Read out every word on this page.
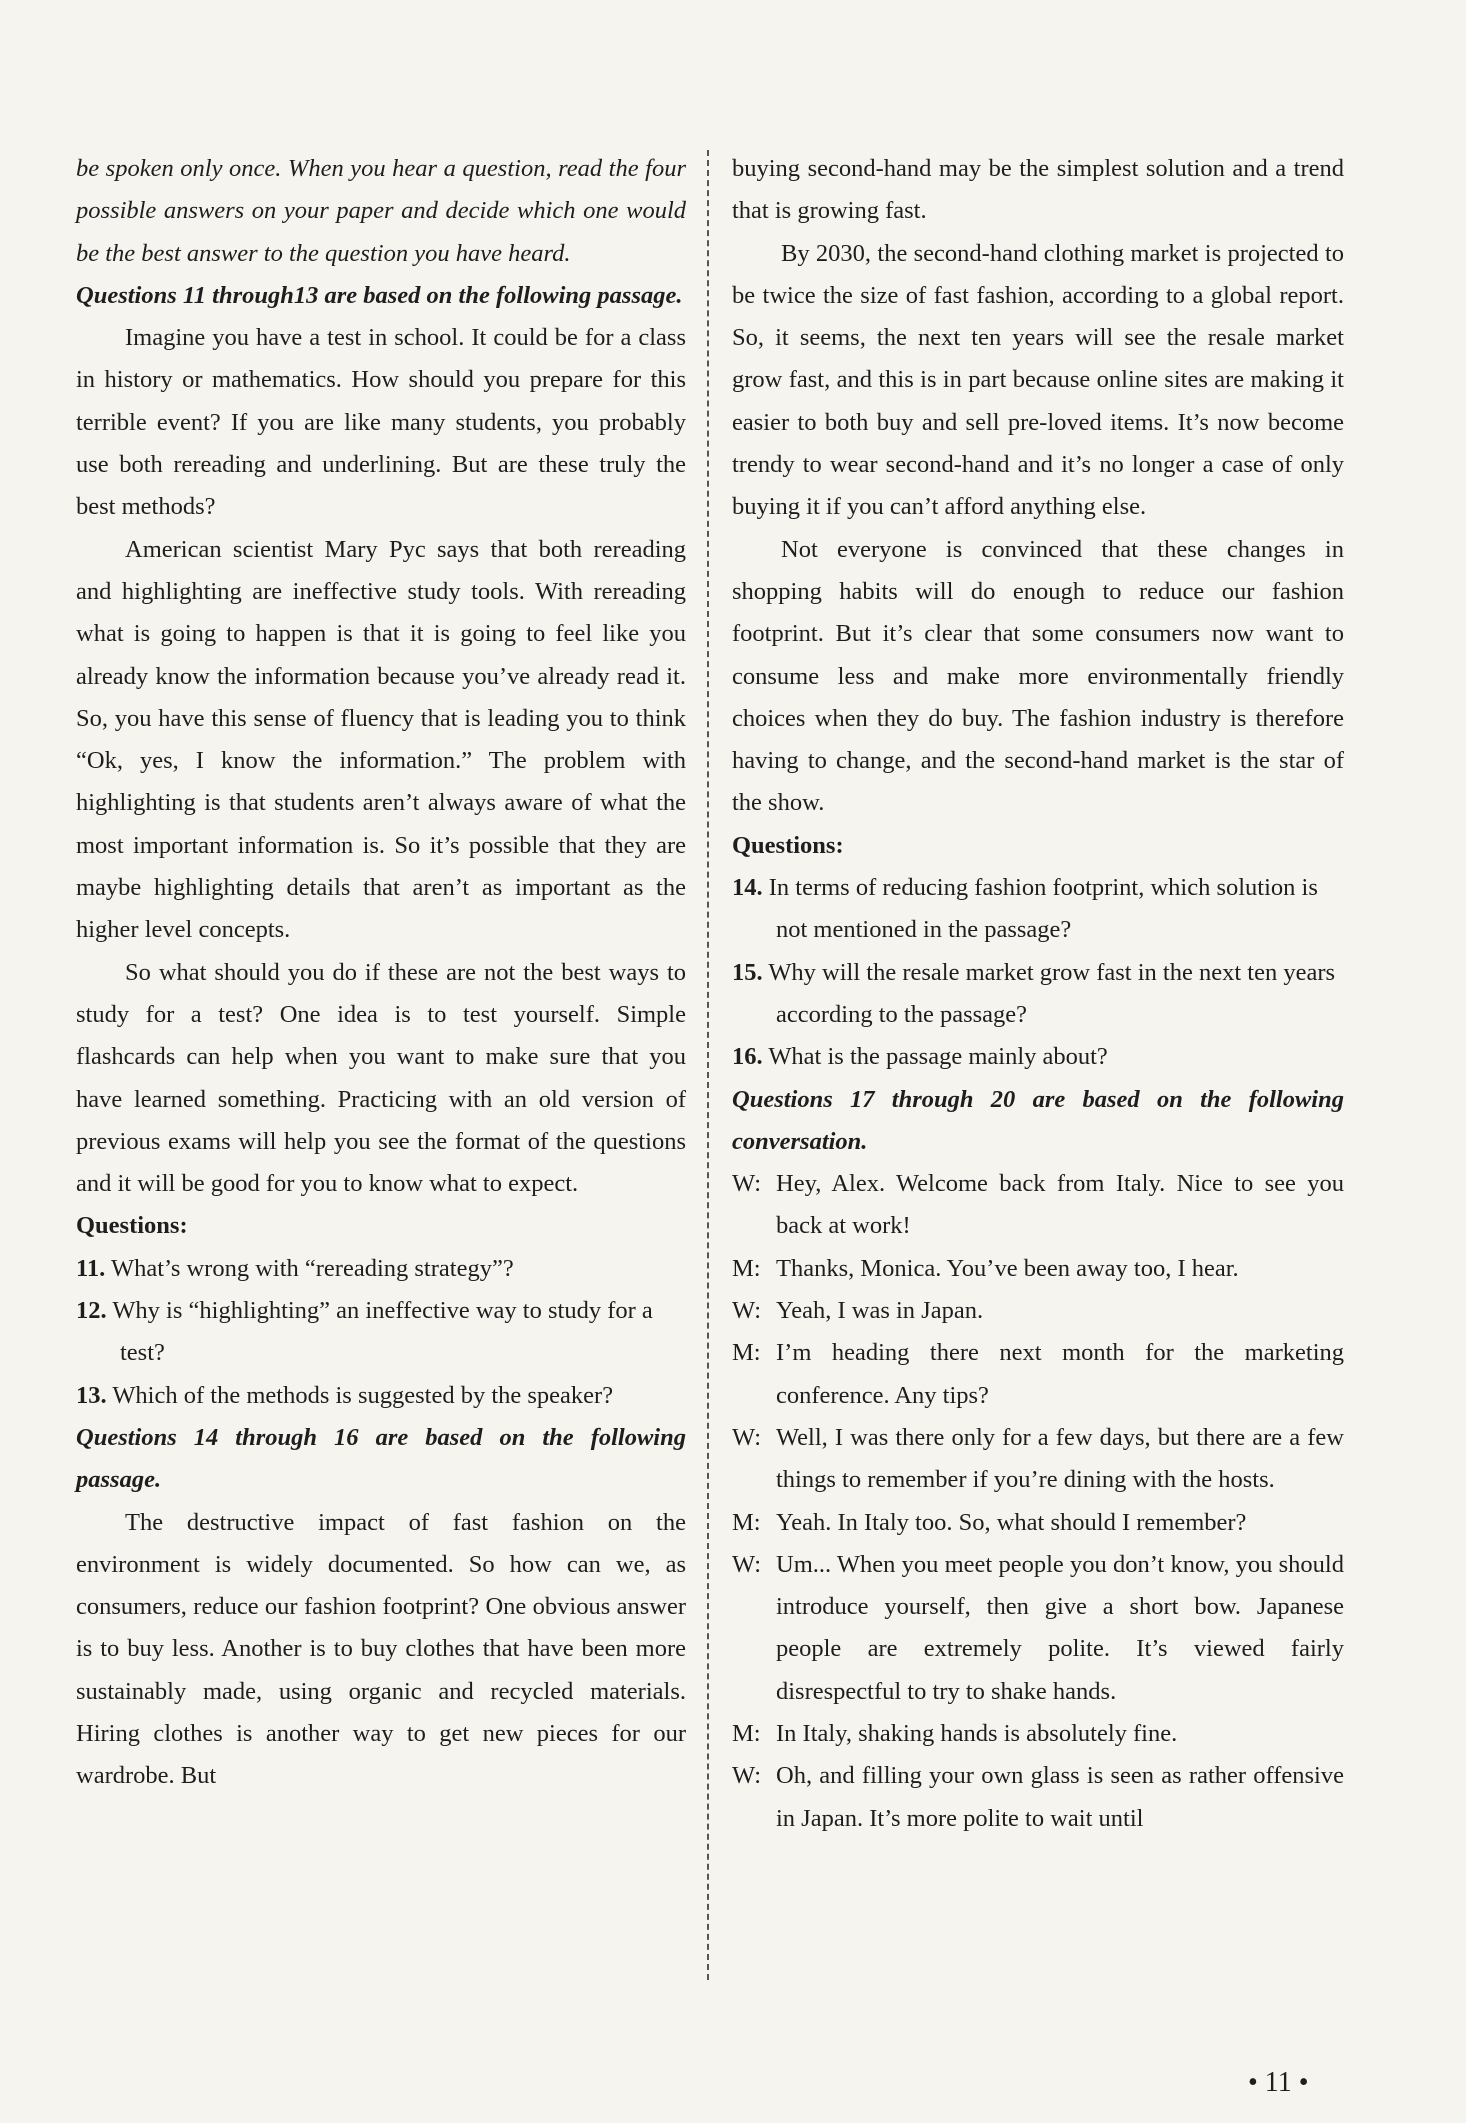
be spoken only once. When you hear a question, read the four possible answers on your paper and decide which one would be the best answer to the question you have heard.

Questions 11 through13 are based on the following passage.

Imagine you have a test in school. It could be for a class in history or mathematics. How should you prepare for this terrible event? If you are like many students, you probably use both rereading and underlining. But are these truly the best methods?

American scientist Mary Pyc says that both rereading and highlighting are ineffective study tools. With rereading what is going to happen is that it is going to feel like you already know the information because you’ve already read it. So, you have this sense of fluency that is leading you to think “Ok, yes, I know the information.” The problem with highlighting is that students aren’t always aware of what the most important information is. So it’s possible that they are maybe highlighting details that aren’t as important as the higher level concepts.

So what should you do if these are not the best ways to study for a test? One idea is to test yourself. Simple flashcards can help when you want to make sure that you have learned something. Practicing with an old version of previous exams will help you see the format of the questions and it will be good for you to know what to expect.

Questions:

11. What’s wrong with “rereading strategy”?

12. Why is “highlighting” an ineffective way to study for a test?

13. Which of the methods is suggested by the speaker?

Questions 14 through 16 are based on the following passage.

The destructive impact of fast fashion on the environment is widely documented. So how can we, as consumers, reduce our fashion footprint? One obvious answer is to buy less. Another is to buy clothes that have been more sustainably made, using organic and recycled materials. Hiring clothes is another way to get new pieces for our wardrobe. But

buying second-hand may be the simplest solution and a trend that is growing fast.

By 2030, the second-hand clothing market is projected to be twice the size of fast fashion, according to a global report. So, it seems, the next ten years will see the resale market grow fast, and this is in part because online sites are making it easier to both buy and sell pre-loved items. It’s now become trendy to wear second-hand and it’s no longer a case of only buying it if you can’t afford anything else.

Not everyone is convinced that these changes in shopping habits will do enough to reduce our fashion footprint. But it’s clear that some consumers now want to consume less and make more environmentally friendly choices when they do buy. The fashion industry is therefore having to change, and the second-hand market is the star of the show.

Questions:

14. In terms of reducing fashion footprint, which solution is not mentioned in the passage?

15. Why will the resale market grow fast in the next ten years according to the passage?

16. What is the passage mainly about?

Questions 17 through 20 are based on the following conversation.

W: Hey, Alex. Welcome back from Italy. Nice to see you back at work!
M: Thanks, Monica. You’ve been away too, I hear.
W: Yeah, I was in Japan.
M: I’m heading there next month for the marketing conference. Any tips?
W: Well, I was there only for a few days, but there are a few things to remember if you’re dining with the hosts.
M: Yeah. In Italy too. So, what should I remember?
W: Um... When you meet people you don’t know, you should introduce yourself, then give a short bow. Japanese people are extremely polite. It’s viewed fairly disrespectful to try to shake hands.
M: In Italy, shaking hands is absolutely fine.
W: Oh, and filling your own glass is seen as rather offensive in Japan. It’s more polite to wait until
• 11 •
